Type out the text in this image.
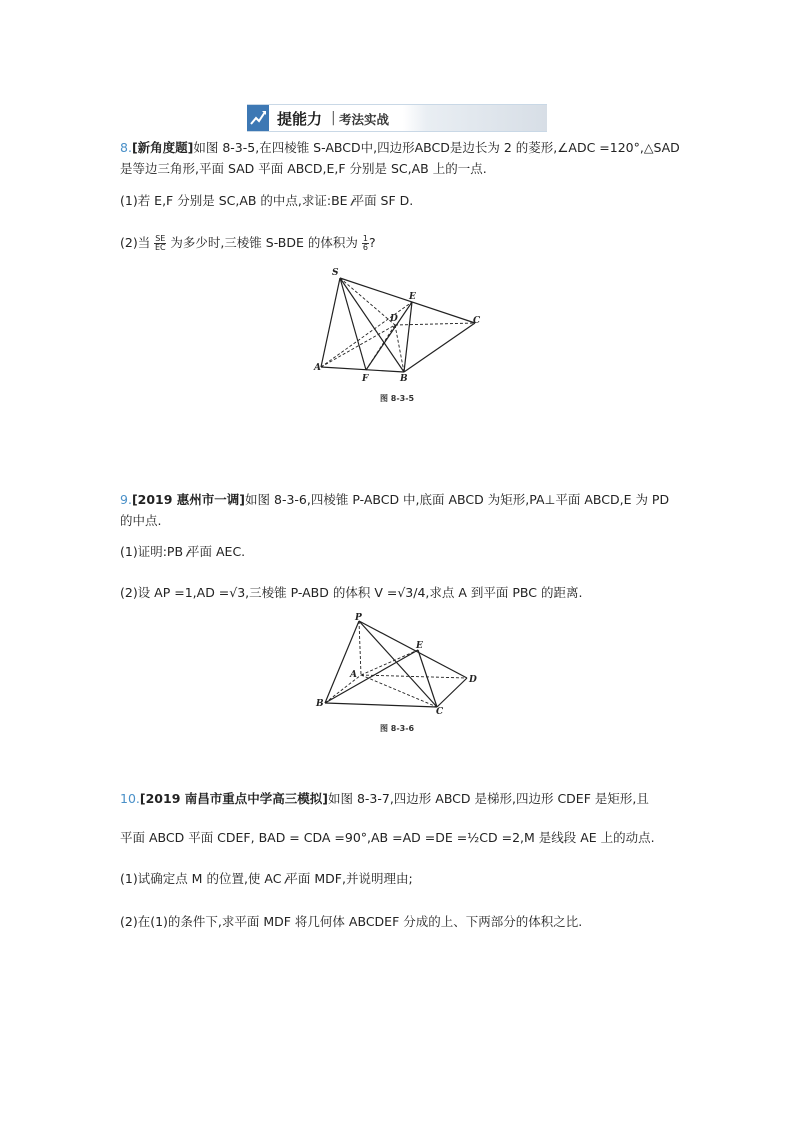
提能力 | 考法实战
8.[新角度题]如图 8-3-5,在四棱锥 S-ABCD中,四边形ABCD是边长为 2 的菱形,∠ADC =120°,△SAD
是等边三角形,平面 SAD 平面 ABCD,E,F 分别是 SC,AB 上的一点.
(1)若 E,F 分别是 SC,AB 的中点,求证:BE 平面 SF D.
(2)当 $\frac{SE}{EC}$ 为多少时,三棱锥 S-BDE 的体积为 $\frac{1}{6}$ ?
S
E
D	C
A
F	B
图 8-3-5
9.[2019 惠州市一调]如图 8-3-6,四棱锥 P-ABCD 中,底面 ABCD 为矩形,PA⊥平面 ABCD,E 为 PD
的中点.
(1)证明:PB 平面 AEC.
(2)设 AP =1,AD =√3,三棱锥 P-ABD 的体积 V =√3/4,求点 A 到平面 PBC 的距离.
P
E
A	D
B
C
图 8-3-6
10.[2019 南昌市重点中学高三模拟]如图 8-3-7,四边形 ABCD 是梯形,四边形 CDEF 是矩形,且
平面 ABCD 平面 CDEF, BAD = CDA =90°,AB =AD =DE =½CD =2,M 是线段 AE 上的动点.
(1)试确定点 M 的位置,使 AC 平面 MDF,并说明理由;
(2)在(1)的条件下,求平面 MDF 将几何体 ABCDEF 分成的上、下两部分的体积之比.
